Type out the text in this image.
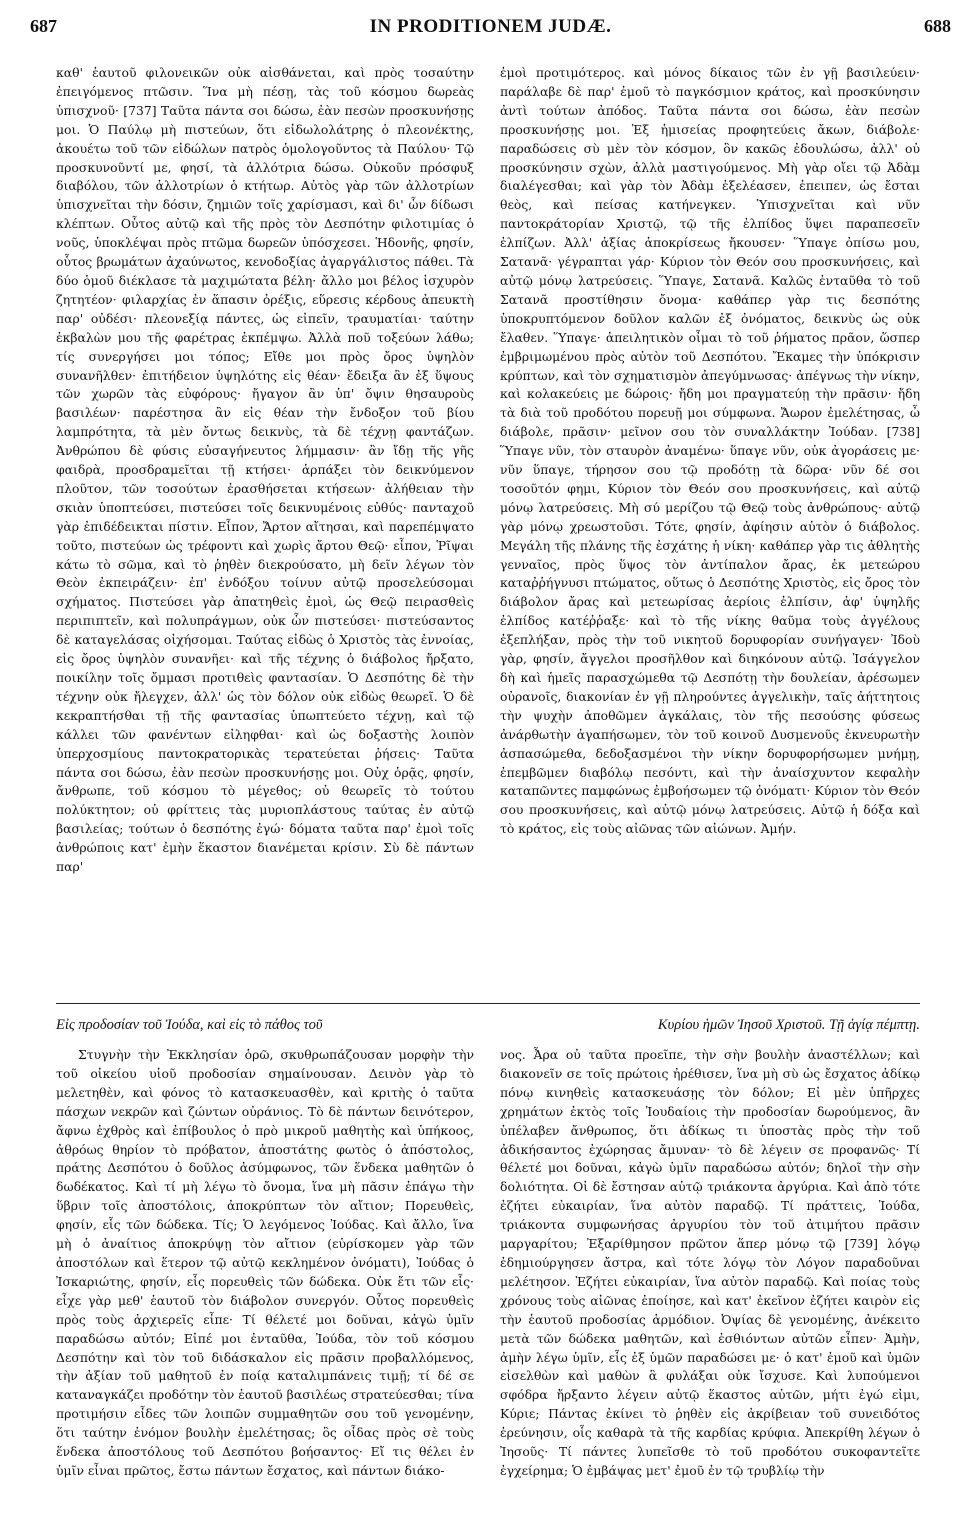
687	IN PRODITIONEM JUDÆ.	688

καθ' ἑαυτοῦ φιλονεικῶν οὐκ αἰσθάνεται, καὶ πρὸς τοσαύτην ἐπειγόμενος πτῶσιν. Ἵνα μὴ πέσῃ, τὰς τοῦ κόσμου δωρεὰς ὑπισχνοῦ· [737] Ταῦτα πάντα σοι δώσω, ἐὰν πεσὼν προσκυνήσῃς μοι. Ὁ Παύλῳ μὴ πιστεύων, ὅτι εἰδωλολάτρης ὁ πλεονέκτης, ἀκουέτω τοῦ τῶν εἰδώλων πατρὸς ὁμολογοῦντος τὰ Παύλου· Τῷ προσκυνοῦντί με, φησί, τὰ ἀλλότρια δώσω. Οὐκοῦν πρόσφυξ διαβόλου, τῶν ἀλλοτρίων ὁ κτήτωρ. Αὐτὸς γὰρ τῶν ἀλλοτρίων ὑπισχνεῖται τὴν δόσιν, ζημιῶν τοῖς χαρίσμασι, καὶ δι' ὧν δίδωσι κλέπτων. Οὗτος αὐτῷ καὶ τῆς πρὸς τὸν Δεσπότην φιλοτιμίας ὁ νοῦς, ὑποκλέψαι πρὸς πτῶμα δωρεῶν ὑπόσχεσει. Ἡδονῆς, φησίν, οὗτος βρωμάτων ἀχαύνωτος, κενοδοξίας ἀγαργάλιστος πάθει. Τὰ δύο ὁμοῦ διέκλασε τὰ μαχιμώτατα βέλη· ἄλλο μοι βέλος ἰσχυρὸν ζητητέον· φιλαρχίας ἐν ἅπασιν ὀρέξις, εὕρεσις κέρδους ἀπευκτὴ παρ' οὐδέσι· πλεονεξίᾳ πάντες, ὡς εἰπεῖν, τραυματίαι· ταύτην ἐκβαλὼν μου τῆς φαρέτρας ἐκπέμψω. Ἀλλὰ ποῦ τοξεύων λάθω; τίς συνεργήσει μοι τόπος; Εἴθε μοι πρὸς ὄρος ὑψηλὸν συνανῆλθεν· ἐπιτήδειον ὑψηλότης εἰς θέαν· ἔδειξα ἂν ἐξ ὕψους τῶν χωρῶν τὰς εὐφόρους· ἤγαγον ἂν ὑπ' ὄψιν θησαυροὺς βασιλέων· παρέστησα ἂν εἰς θέαν τὴν ἔνδοξον τοῦ βίου λαμπρότητα, τὰ μὲν ὄντως δεικνὺς, τὰ δὲ τέχνῃ φαντάζων. Ἀνθρώπου δὲ φύσις εὐσαγήνευτος λήμμασιν· ἂν ἴδῃ τῆς γῆς φαιδρὰ, προσδραμεῖται τῇ κτήσει· ἁρπάξει τὸν δεικνύμενον πλοῦτον, τῶν τοσούτων ἐρασθήσεται κτήσεων· ἀλήθειαν τὴν σκιὰν ὑποπτεύσει, πιστεύσει τοῖς δεικνυμένοις εὐθύς· πανταχοῦ γὰρ ἐπιδέδεικται πίστιν. Εἶπον, Ἄρτον αἴτησαι, καὶ παρεπέμψατο τοῦτο, πιστεύων ὡς τρέφοντι καὶ χωρὶς ἄρτου Θεῷ· εἶπον, Ῥῖψαι κάτω τὸ σῶμα, καὶ τὸ ῥηθὲν διεκρούσατο, μὴ δεῖν λέγων τὸν Θεὸν ἐκπειράζειν· ἐπ' ἐνδόξου τοίνυν αὐτῷ προσελεύσομαι σχήματος. Πιστεύσει γὰρ ἀπατηθεὶς ἐμοὶ, ὡς Θεῷ πειρασθεὶς περιπιπτεῖν, καὶ πολυπράγμων, οὐκ ὧν πιστεύσει· πιστεύσαντος δὲ καταγελάσας οἰχήσομαι. Ταύτας εἰδὼς ὁ Χριστὸς τὰς ἐννοίας, εἰς ὄρος ὑψηλὸν συνανῆει· καὶ τῆς τέχνης ὁ διάβολος ἤρξατο, ποικίλην τοῖς ὄμμασι προτιθεὶς φαντασίαν. Ὁ Δεσπότης δὲ τὴν τέχνην οὐκ ἤλεγχεν, ἀλλ' ὡς τὸν δόλον οὐκ εἰδὼς θεωρεῖ. Ὁ δὲ κεκραπτήσθαι τῇ τῆς φαντασίας ὑπωπτεύετο τέχνῃ, καὶ τῷ κάλλει τῶν φανέντων εἰληφθαι· καὶ ὡς δοξαστὴς λοιπὸν ὑπερχοσμίους παντοκρατορικὰς τερατεύεται ῥήσεις· Ταῦτα πάντα σοι δώσω, ἐὰν πεσὼν προσκυνήσῃς μοι. Οὐχ ὁρᾷς, φησίν, ἄνθρωπε, τοῦ κόσμου τὸ μέγεθος; οὐ θεωρεῖς τὸ τούτου πολύκτητον; οὐ φρίττεις τὰς μυριοπλάστους ταύτας ἐν αὐτῷ βασιλείας; τούτων ὁ δεσπότης ἐγώ· δόματα ταῦτα παρ' ἐμοὶ τοῖς ἀνθρώποις κατ' ἐμὴν ἕκαστον διανέμεται κρίσιν. Σὺ δὲ πάντων παρ'

ἐμοὶ προτιμότερος. καὶ μόνος δίκαιος τῶν ἐν γῇ βασιλεύειν· παράλαβε δὲ παρ' ἐμοῦ τὸ παγκόσμιον κράτος, καὶ προσκύνησιν ἀντὶ τούτων ἀπόδος. Ταῦτα πάντα σοι δώσω, ἐὰν πεσὼν προσκυνήσῃς μοι. Ἐξ ἡμισείας προφητεύεις ἄκων, διάβολε· παραδώσεις σὺ μὲν τὸν κόσμον, ὃν κακῶς ἐδουλώσω, ἀλλ' οὐ προσκύνησιν σχὼν, ἀλλὰ μαστιγούμενος. Μὴ γὰρ οἴει τῷ Ἀδὰμ διαλέγεσθαι; καὶ γὰρ τὸν Ἀδὰμ ἐξελέασεν, ἐπειπεν, ὡς ἔσται θεὸς, καὶ πείσας κατήνεγκεν. Ὑπισχνεῖται καὶ νῦν παντοκράτορίαν Χριστῷ, τῷ τῆς ἐλπίδος ὕψει παραπεσεῖν ἐλπίζων. Ἀλλ' ἀξίας ἀποκρίσεως ἤκουσεν· Ὕπαγε ὀπίσω μου, Σατανᾶ· γέγραπται γάρ· Κύριον τὸν Θεόν σου προσκυνήσεις, καὶ αὐτῷ μόνῳ λατρεύσεις. Ὕπαγε, Σατανᾶ. Καλῶς ἐνταῦθα τὸ τοῦ Σατανᾶ προστίθησιν ὄνομα· καθάπερ γὰρ τις δεσπότης ὑποκρυπτόμενον δοῦλον καλῶν ἐξ ὀνόματος, δεικνὺς ὡς οὐκ ἔλαθεν. Ὕπαγε· ἀπειλητικὸν οἶμαι τὸ τοῦ ῥήματος πρᾶον, ὥσπερ ἐμβριμωμένου πρὸς αὐτὸν τοῦ Δεσπότου. Ἔκαμες τὴν ὑπόκρισιν κρύπτων, καὶ τὸν σχηματισμὸν ἀπεγύμνωσας· ἀπέγνως τὴν νίκην, καὶ κολακεύεις με δώροις· ἤδη μοι πραγματεύῃ τὴν πρᾶσιν· ἤδη τὰ διὰ τοῦ προδότου πορευῇ μοι σύμφωνα. Ἄωρον ἐμελέτησας, ὦ διάβολε, πρᾶσιν· μεῖνον σου τὸν συναλλάκτην Ἰούδαν. [738] Ὕπαγε νῦν, τὸν σταυρὸν ἀναμένω· ὕπαγε νῦν, οὐκ ἀγοράσεις με· νῦν ὕπαγε, τήρησον σου τῷ προδότῃ τὰ δῶρα· νῦν δέ σοι τοσοῦτόν φημι, Κύριον τὸν Θεόν σου προσκυνήσεις, καὶ αὐτῷ μόνῳ λατρεύσεις. Μὴ σύ μερίζου τῷ Θεῷ τοὺς ἀνθρώπους· αὐτῷ γὰρ μόνῳ χρεωστοῦσι. Τότε, φησίν, ἀφίησιν αὐτὸν ὁ διάβολος. Μεγάλη τῆς πλάνης τῆς ἐσχάτης ἡ νίκη· καθάπερ γὰρ τις ἀθλητὴς γενναῖος, πρὸς ὕψος τὸν ἀντίπαλον ἄρας, ἐκ μετεώρου καταῤῥήγνυσι πτώματος, οὕτως ὁ Δεσπότης Χριστὸς, εἰς ὄρος τὸν διάβολον ἄρας καὶ μετεωρίσας ἀερίοις ἐλπίσιν, ἀφ' ὑψηλῆς ἐλπίδος κατέῤῥαξε· καὶ τὸ τῆς νίκης θαῦμα τοὺς ἀγγέλους ἐξεπλήξαν, πρὸς τὴν τοῦ νικητοῦ δορυφορίαν συνήγαγεν· Ἰδοὺ γὰρ, φησίν, ἄγγελοι προσῆλθον καὶ διηκόνουν αὐτῷ. Ἰσάγγελον δὴ καὶ ἡμεῖς παρασχώμεθα τῷ Δεσπότῃ τὴν δουλείαν, ἀρέσωμεν οὐρανοῖς, διακονίαν ἐν γῇ πληρούντες ἀγγελικὴν, ταῖς ἀήττητοις τὴν ψυχὴν ἀποθῶμεν ἀγκάλαις, τὸν τῆς πεσούσης φύσεως ἀνάρθωτὴν ἀγαπήσωμεν, τὸν τοῦ κοινοῦ Δυσμενοῦς ἐκνευρωτὴν ἀσπασώμεθα, δεδοξασμένοι τὴν νίκην δορυφορήσωμεν μνήμῃ, ἐπεμβῶμεν διαβόλῳ πεσόντι, καὶ τὴν ἀναίσχυντον κεφαλὴν καταπῶντες παμφώνως ἐμβοήσωμεν τῷ ὀνόματι· Κύριον τὸν Θεόν σου προσκυνήσεις, καὶ αὐτῷ μόνῳ λατρεύσεις. Αὐτῷ ἡ δόξα καὶ τὸ κράτος, εἰς τοὺς αἰῶνας τῶν αἰώνων. Ἀμήν.

Εἰς προδοσίαν τοῦ Ἰούδα, καὶ εἰς τὸ πάθος τοῦ	Κυρίου ἡμῶν Ἰησοῦ Χριστοῦ. Τῇ ἁγίᾳ πέμπτῃ.

Στυγνὴν τὴν Ἐκκλησίαν ὁρῶ, σκυθρωπάζουσαν μορφὴν τὴν τοῦ οἰκείου υἱοῦ προδοσίαν σημαίνουσαν. Δεινὸν γὰρ τὸ μελετηθὲν, καὶ φόνος τὸ κατασκευασθὲν, καὶ κριτὴς ὁ ταῦτα πάσχων νεκρῶν καὶ ζώντων οὐράνιος. Τὸ δὲ πάντων δεινότερον, ἄφνω ἐχθρὸς καὶ ἐπίβουλος ὁ πρὸ μικροῦ μαθητὴς καὶ ὑπήκοος, ἀθρόως θηρίον τὸ πρόβατον, ἀποστάτης φωτὸς ὁ ἀπόστολος, πράτης Δεσπότου ὁ δοῦλος ἀσύμφωνος, τῶν ἕνδεκα μαθητῶν ὁ δωδέκατος. Καὶ τί μὴ λέγω τὸ ὄνομα, ἵνα μὴ πᾶσιν ἐπάγω τὴν ὕβριν τοῖς ἀποστόλοις, ἀποκρύπτων τὸν αἴτιον; Πορευθεὶς, φησίν, εἷς τῶν δώδεκα. Τίς; Ὁ λεγόμενος Ἰούδας. Καὶ ἄλλο, ἵνα μὴ ὁ ἀναίτιος ἀποκρύψῃ τὸν αἴτιον (εὑρίσκομεν γὰρ τῶν ἀποστόλων καὶ ἕτερον τῷ αὐτῷ κεκλημένον ὀνόματι), Ἰούδας ὁ Ἰσκαριώτης, φησίν, εἷς πορευθεὶς τῶν δώδεκα. Οὐκ ἔτι τῶν εἷς· εἶχε γὰρ μεθ' ἑαυτοῦ τὸν διάβολον συνεργόν. Οὗτος πορευθεὶς πρὸς τοὺς ἀρχιερεῖς εἶπε· Τί θέλετέ μοι δοῦναι, κἀγὼ ὑμῖν παραδώσω αὐτόν; Εἰπέ μοι ἐνταῦθα, Ἰούδα, τὸν τοῦ κόσμου Δεσπότην καὶ τὸν τοῦ διδάσκαλον εἰς πρᾶσιν προβαλλόμενος, τὴν ἀξίαν τοῦ μαθητοῦ ἐν ποίᾳ καταλιμπάνεις τιμῇ; τί δέ σε καταναγκάζει προδότην τὸν ἑαυτοῦ βασιλέως στρατεύεσθαι; τίνα προτιμήσιν εἶδες τῶν λοιπῶν συμμαθητῶν σου τοῦ γενομένην, ὅτι ταύτην ἐνόμον βουλὴν ἐμελέτησας; ὃς οἶδας πρὸς σὲ τοὺς ἕνδεκα ἀποστόλους τοῦ Δεσπότου βοήσαντος· Εἴ τις θέλει ἐν ὑμῖν εἶναι πρῶτος, ἔστω πάντων ἔσχατος, καὶ πάντων διάκο-

νος. Ἆρα οὐ ταῦτα προεῖπε, τὴν σὴν βουλὴν ἀναστέλλων; καὶ διακονεῖν σε τοῖς πρώτοις ἠρέθισεν, ἵνα μὴ σὺ ὡς ἔσχατος ἀδίκῳ πόνῳ κινηθεὶς κατασκευάσῃς τὸν δόλον; Εἰ μὲν ὑπῆρχες χρημάτων ἐκτὸς τοῖς Ἰουδαίοις τὴν προδοσίαν δωρούμενος, ἂν ὑπέλαβεν ἄνθρωπος, ὅτι ἀδίκως τι ὑποστὰς πρὸς τὴν τοῦ ἀδικήσαντος ἐχώρησας ἄμυναν· τὸ δὲ λέγειν σε προφανῶς· Τί θέλετέ μοι δοῦναι, κἀγὼ ὑμῖν παραδώσω αὐτόν; δηλοῖ τὴν σὴν δολιότητα. Οἱ δὲ ἔστησαν αὐτῷ τριάκοντα ἀργύρια. Καὶ ἀπὸ τότε ἐζήτει εὐκαιρίαν, ἵνα αὐτὸν παραδῷ. Τί πράττεις, Ἰούδα, τριάκοντα συμφωνήσας ἀργυρίου τὸν τοῦ ἀτιμήτου πρᾶσιν μαργαρίτου; Ἐξαρίθμησον πρῶτον ἅπερ μόνῳ τῷ [739] λόγῳ ἐδημιούργησεν ἄστρα, καὶ τότε λόγῳ τὸν Λόγον παραδοῦναι μελέτησον. Ἐζήτει εὐκαιρίαν, ἵνα αὐτὸν παραδῷ. Καὶ ποίας τοὺς χρόνους τοὺς αἰῶνας ἐποίησε, καὶ κατ' ἐκεῖνον ἐζήτει καιρὸν εἰς τὴν ἑαυτοῦ προδοσίας ἁρμόδιον. Ὀψίας δὲ γενομένης, ἀνέκειτο μετὰ τῶν δώδεκα μαθητῶν, καὶ ἐσθιόντων αὐτῶν εἶπεν· Ἀμὴν, ἀμὴν λέγω ὑμῖν, εἷς ἐξ ὑμῶν παραδώσει με· ὁ κατ' ἐμοῦ καὶ ὑμῶν εἰσελθὼν καὶ μαθὼν ἃ φυλάξαι οὐκ ἴσχυσε. Καὶ λυπούμενοι σφόδρα ἤρξαντο λέγειν αὐτῷ ἕκαστος αὐτῶν, μήτι ἐγώ εἰμι, Κύριε; Πάντας ἐκίνει τὸ ῥηθὲν εἰς ἀκρίβειαν τοῦ συνειδότος ἐρεύνησιν, οἷς καθαρὰ τὰ τῆς καρδίας κρύφια. Ἀπεκρίθη λέγων ὁ Ἰησοῦς· Τί πάντες λυπεῖσθε τὸ τοῦ προδότου συκοφαντεῖτε ἐγχείρημα; Ὁ ἐμβάψας μετ' ἐμοῦ ἐν τῷ τρυβλίῳ τὴν
